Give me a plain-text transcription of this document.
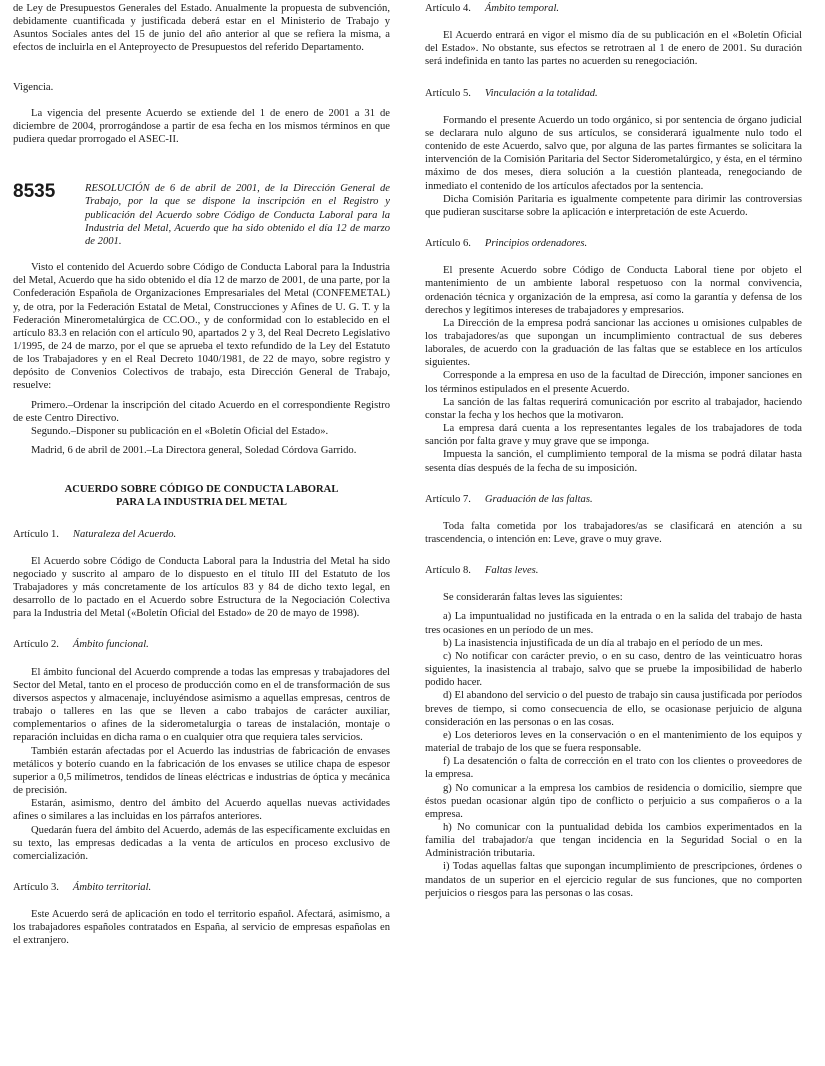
de Ley de Presupuestos Generales del Estado. Anualmente la propuesta de subvención, debidamente cuantificada y justificada deberá estar en el Ministerio de Trabajo y Asuntos Sociales antes del 15 de junio del año anterior al que se refiera la misma, a efectos de incluirla en el Anteproyecto de Presupuestos del referido Departamento.

Vigencia.

La vigencia del presente Acuerdo se extiende del 1 de enero de 2001 a 31 de diciembre de 2004, prorrogándose a partir de esa fecha en los mismos términos en que pudiera quedar prorrogado el ASEC-II.

8535	RESOLUCIÓN de 6 de abril de 2001, de la Dirección General de Trabajo, por la que se dispone la inscripción en el Registro y publicación del Acuerdo sobre Código de Conducta Laboral para la Industria del Metal, Acuerdo que ha sido obtenido el día 12 de marzo de 2001.

Visto el contenido del Acuerdo sobre Código de Conducta Laboral para la Industria del Metal, Acuerdo que ha sido obtenido el día 12 de marzo de 2001, de una parte, por la Confederación Española de Organizaciones Empresariales del Metal (CONFEMETAL) y, de otra, por la Federación Estatal de Metal, Construcciones y Afines de U. G. T. y la Federación Minerometalúrgica de CC.OO., y de conformidad con lo establecido en el artículo 83.3 en relación con el artículo 90, apartados 2 y 3, del Real Decreto Legislativo 1/1995, de 24 de marzo, por el que se aprueba el texto refundido de la Ley del Estatuto de los Trabajadores y en el Real Decreto 1040/1981, de 22 de mayo, sobre registro y depósito de Convenios Colectivos de trabajo, esta Dirección General de Trabajo, resuelve:

Primero.–Ordenar la inscripción del citado Acuerdo en el correspondiente Registro de este Centro Directivo.

Segundo.–Disponer su publicación en el «Boletín Oficial del Estado».

Madrid, 6 de abril de 2001.–La Directora general, Soledad Córdova Garrido.

ACUERDO SOBRE CÓDIGO DE CONDUCTA LABORAL
PARA LA INDUSTRIA DEL METAL
Artículo 1. Naturaleza del Acuerdo.

El Acuerdo sobre Código de Conducta Laboral para la Industria del Metal ha sido negociado y suscrito al amparo de lo dispuesto en el título III del Estatuto de los Trabajadores y más concretamente de los artículos 83 y 84 de dicho texto legal, en desarrollo de lo pactado en el Acuerdo sobre Estructura de la Negociación Colectiva para la Industria del Metal («Boletín Oficial del Estado» de 20 de mayo de 1998).

Artículo 2. Ámbito funcional.

El ámbito funcional del Acuerdo comprende a todas las empresas y trabajadores del Sector del Metal, tanto en el proceso de producción como en el de transformación de sus diversos aspectos y almacenaje, incluyéndose asimismo a aquellas empresas, centros de trabajo o talleres en las que se lleven a cabo trabajos de carácter auxiliar, complementarios o afines de la siderometalurgia o tareas de instalación, montaje o reparación incluidas en dicha rama o en cualquier otra que requiera tales servicios.

También estarán afectadas por el Acuerdo las industrias de fabricación de envases metálicos y boterío cuando en la fabricación de los envases se utilice chapa de espesor superior a 0,5 milímetros, tendidos de líneas eléctricas e industrias de óptica y mecánica de precisión.

Estarán, asimismo, dentro del ámbito del Acuerdo aquellas nuevas actividades afines o similares a las incluidas en los párrafos anteriores.

Quedarán fuera del ámbito del Acuerdo, además de las específicamente excluidas en su texto, las empresas dedicadas a la venta de artículos en proceso exclusivo de comercialización.

Artículo 3. Ámbito territorial.

Este Acuerdo será de aplicación en todo el territorio español. Afectará, asimismo, a los trabajadores españoles contratados en España, al servicio de empresas españolas en el extranjero.

Artículo 4. Ámbito temporal.

El Acuerdo entrará en vigor el mismo día de su publicación en el «Boletín Oficial del Estado». No obstante, sus efectos se retrotraen al 1 de enero de 2001. Su duración será indefinida en tanto las partes no acuerden su renegociación.

Artículo 5. Vinculación a la totalidad.

Formando el presente Acuerdo un todo orgánico, si por sentencia de órgano judicial se declarara nulo alguno de sus artículos, se considerará igualmente nulo todo el contenido de este Acuerdo, salvo que, por alguna de las partes firmantes se solicitara la intervención de la Comisión Paritaria del Sector Siderometalúrgico, y ésta, en el término máximo de dos meses, diera solución a la cuestión planteada, renegociando de inmediato el contenido de los artículos afectados por la sentencia.

Dicha Comisión Paritaria es igualmente competente para dirimir las controversias que pudieran suscitarse sobre la aplicación e interpretación de este Acuerdo.

Artículo 6. Principios ordenadores.

El presente Acuerdo sobre Código de Conducta Laboral tiene por objeto el mantenimiento de un ambiente laboral respetuoso con la normal convivencia, ordenación técnica y organización de la empresa, así como la garantía y defensa de los derechos y legítimos intereses de trabajadores y empresarios.

La Dirección de la empresa podrá sancionar las acciones u omisiones culpables de los trabajadores/as que supongan un incumplimiento contractual de sus deberes laborales, de acuerdo con la graduación de las faltas que se establece en los artículos siguientes.

Corresponde a la empresa en uso de la facultad de Dirección, imponer sanciones en los términos estipulados en el presente Acuerdo.

La sanción de las faltas requerirá comunicación por escrito al trabajador, haciendo constar la fecha y los hechos que la motivaron.

La empresa dará cuenta a los representantes legales de los trabajadores de toda sanción por falta grave y muy grave que se imponga.

Impuesta la sanción, el cumplimiento temporal de la misma se podrá dilatar hasta sesenta días después de la fecha de su imposición.

Artículo 7. Graduación de las faltas.

Toda falta cometida por los trabajadores/as se clasificará en atención a su trascendencia, o intención en: Leve, grave o muy grave.

Artículo 8. Faltas leves.

Se considerarán faltas leves las siguientes:

a) La impuntualidad no justificada en la entrada o en la salida del trabajo de hasta tres ocasiones en un período de un mes.

b) La inasistencia injustificada de un día al trabajo en el período de un mes.

c) No notificar con carácter previo, o en su caso, dentro de las veinticuatro horas siguientes, la inasistencia al trabajo, salvo que se pruebe la imposibilidad de haberlo podido hacer.

d) El abandono del servicio o del puesto de trabajo sin causa justificada por períodos breves de tiempo, si como consecuencia de ello, se ocasionase perjuicio de alguna consideración en las personas o en las cosas.

e) Los deterioros leves en la conservación o en el mantenimiento de los equipos y material de trabajo de los que se fuera responsable.

f) La desatención o falta de corrección en el trato con los clientes o proveedores de la empresa.

g) No comunicar a la empresa los cambios de residencia o domicilio, siempre que éstos puedan ocasionar algún tipo de conflicto o perjuicio a sus compañeros o a la empresa.

h) No comunicar con la puntualidad debida los cambios experimentados en la familia del trabajador/a que tengan incidencia en la Seguridad Social o en la Administración tributaria.

i) Todas aquellas faltas que supongan incumplimiento de prescripciones, órdenes o mandatos de un superior en el ejercicio regular de sus funciones, que no comporten perjuicios o riesgos para las personas o las cosas.
